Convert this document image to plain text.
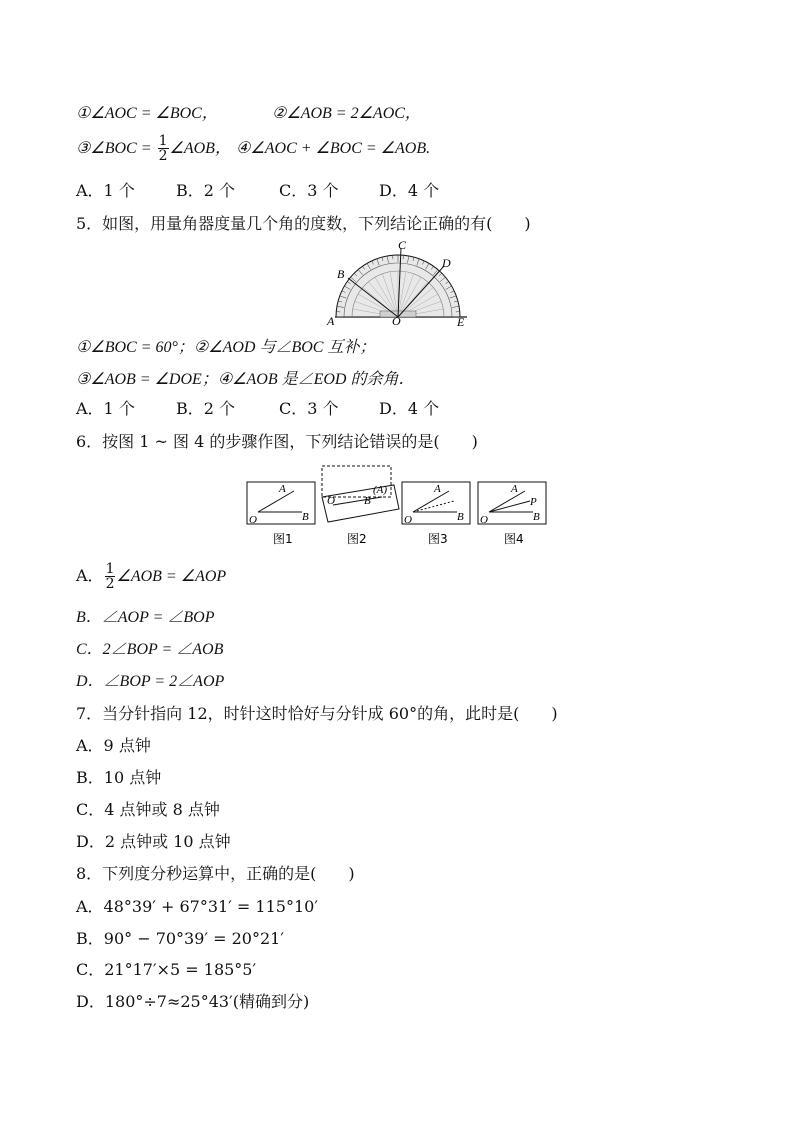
①∠AOC = ∠BOC，	②∠AOB = 2∠AOC，
③∠BOC = $\frac{1}{2}$ ∠AOB， ④∠AOC + ∠BOC = ∠AOB.
A．1 个	B．2 个	C．3 个	D．4 个
5．如图，用量角器度量几个角的度数，下列结论正确的有(　　)
A
B
C
D
E
O
①∠BOC = 60°；②∠AOD 与∠BOC 互补；
③∠AOB = ∠DOE；④∠AOB 是∠EOD 的余角．
A．1 个	B．2 个	C．3 个	D．4 个
6．按图 1 ~ 图 4 的步骤作图，下列结论错误的是(　　)
O
A
B
图1
O	B
(A)
图2
O
A
B
图3
O
A
P
B
图4
A． $\frac{1}{2}$ ∠AOB = ∠AOP
B．∠AOP = ∠BOP
C．2∠BOP = ∠AOB
D．∠BOP = 2∠AOP
7．当分针指向 12，时针这时恰好与分针成 60°的角，此时是(　　)
A．9 点钟
B．10 点钟
C．4 点钟或 8 点钟
D．2 点钟或 10 点钟
8．下列度分秒运算中，正确的是(　　)
A．48°39′ + 67°31′ = 115°10′
B．90° − 70°39′ = 20°21′
C．21°17′×5 = 185°5′
D．180°÷7≈25°43′(精确到分)
